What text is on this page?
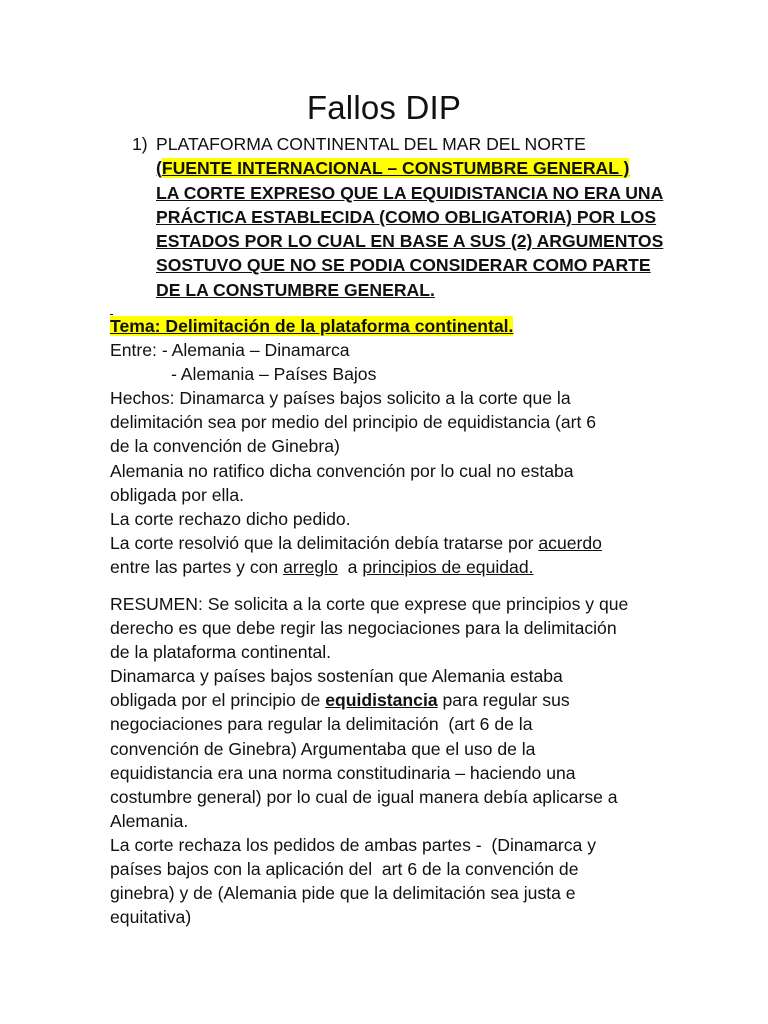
Fallos DIP
1) PLATAFORMA CONTINENTAL DEL MAR DEL NORTE
(FUENTE INTERNACIONAL – CONSTUMBRE GENERAL )
LA CORTE EXPRESO QUE LA EQUIDISTANCIA NO ERA UNA
PRÁCTICA ESTABLECIDA (COMO OBLIGATORIA) POR LOS
ESTADOS POR LO CUAL EN BASE A SUS (2) ARGUMENTOS
SOSTUVO QUE NO SE PODIA CONSIDERAR COMO PARTE
DE LA CONSTUMBRE GENERAL.
Tema: Delimitación de la plataforma continental.
Entre: - Alemania – Dinamarca
- Alemania – Países Bajos
Hechos: Dinamarca y países bajos solicito a la corte que la
delimitación sea por medio del principio de equidistancia (art 6
de la convención de Ginebra)
Alemania no ratifico dicha convención por lo cual no estaba
obligada por ella.
La corte rechazo dicho pedido.
La corte resolvió que la delimitación debía tratarse por acuerdo
entre las partes y con arreglo  a principios de equidad.
RESUMEN: Se solicita a la corte que exprese que principios y que
derecho es que debe regir las negociaciones para la delimitación
de la plataforma continental.
Dinamarca y países bajos sostenían que Alemania estaba
obligada por el principio de equidistancia para regular sus
negociaciones para regular la delimitación  (art 6 de la
convención de Ginebra) Argumentaba que el uso de la
equidistancia era una norma constitudinaria – haciendo una
costumbre general) por lo cual de igual manera debía aplicarse a
Alemania.
La corte rechaza los pedidos de ambas partes -  (Dinamarca y
países bajos con la aplicación del  art 6 de la convención de
ginebra) y de (Alemania pide que la delimitación sea justa e
equitativa)
